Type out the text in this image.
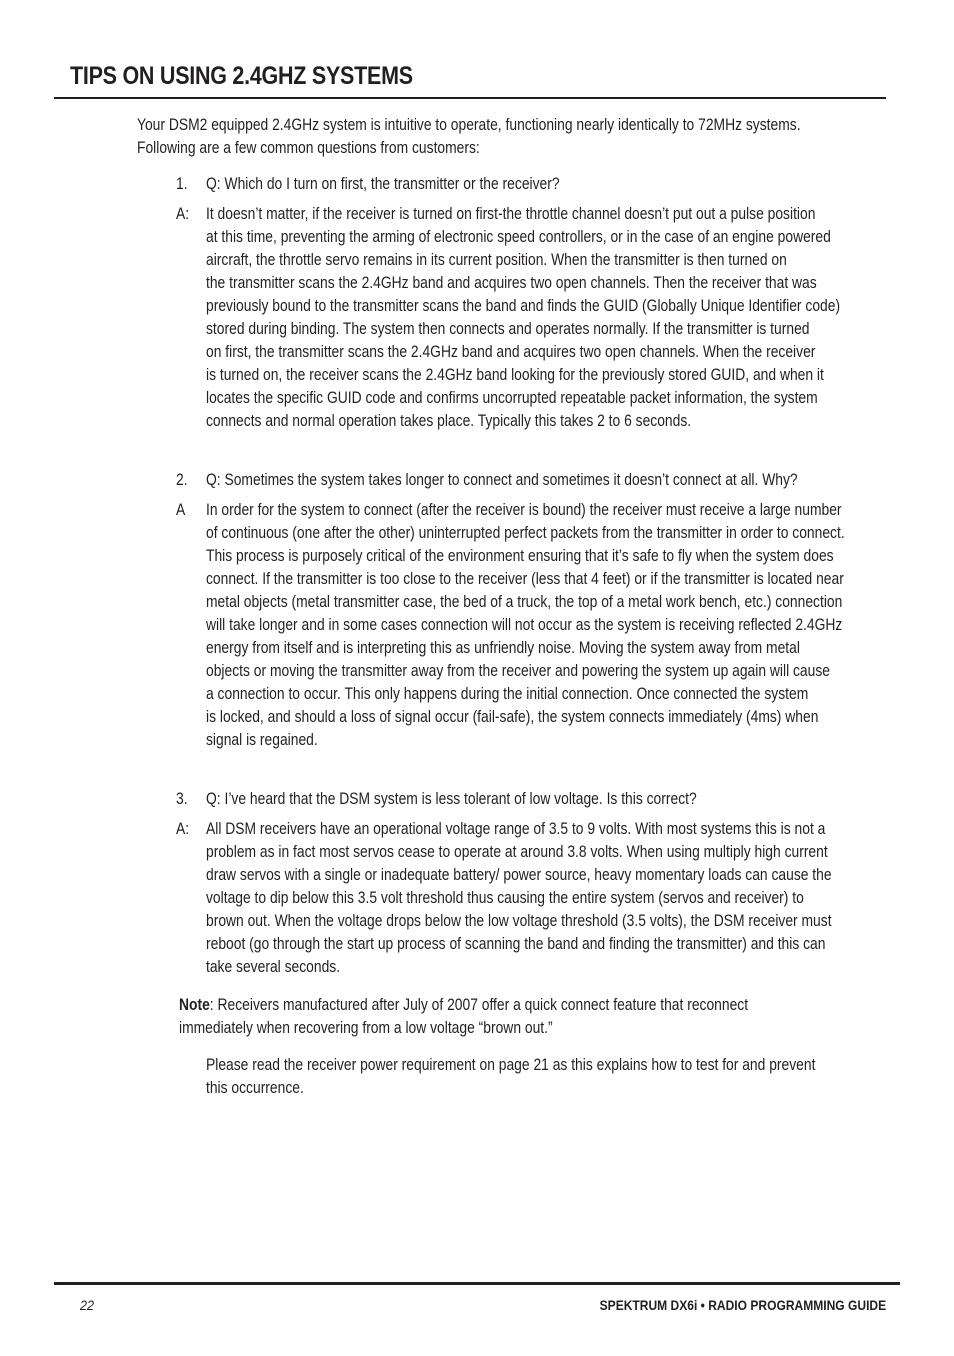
TIPS ON USING 2.4GHZ SYSTEMS

Your DSM2 equipped 2.4GHz system is intuitive to operate, functioning nearly identically to 72MHz systems.

Following are a few common questions from customers:

1. Q: Which do I turn on first, the transmitter or the receiver?

A: It doesn’t matter, if the receiver is turned on first-the throttle channel doesn’t put out a pulse position

at this time, preventing the arming of electronic speed controllers, or in the case of an engine powered

aircraft, the throttle servo remains in its current position. When the transmitter is then turned on

the transmitter scans the 2.4GHz band and acquires two open channels. Then the receiver that was

previously bound to the transmitter scans the band and finds the GUID (Globally Unique Identifier code)

stored during binding. The system then connects and operates normally. If the transmitter is turned

on first, the transmitter scans the 2.4GHz band and acquires two open channels. When the receiver

is turned on, the receiver scans the 2.4GHz band looking for the previously stored GUID, and when it

locates the specific GUID code and confirms uncorrupted repeatable packet information, the system

connects and normal operation takes place. Typically this takes 2 to 6 seconds.

2. Q: Sometimes the system takes longer to connect and sometimes it doesn’t connect at all. Why?

A In order for the system to connect (after the receiver is bound) the receiver must receive a large number

of continuous (one after the other) uninterrupted perfect packets from the transmitter in order to connect.

This process is purposely critical of the environment ensuring that it’s safe to fly when the system does

connect. If the transmitter is too close to the receiver (less that 4 feet) or if the transmitter is located near

metal objects (metal transmitter case, the bed of a truck, the top of a metal work bench, etc.) connection

will take longer and in some cases connection will not occur as the system is receiving reflected 2.4GHz

energy from itself and is interpreting this as unfriendly noise. Moving the system away from metal

objects or moving the transmitter away from the receiver and powering the system up again will cause

a connection to occur. This only happens during the initial connection. Once connected the system

is locked, and should a loss of signal occur (fail-safe), the system connects immediately (4ms) when

signal is regained.

3. Q: I’ve heard that the DSM system is less tolerant of low voltage. Is this correct?

A: All DSM receivers have an operational voltage range of 3.5 to 9 volts. With most systems this is not a

problem as in fact most servos cease to operate at around 3.8 volts. When using multiply high current

draw servos with a single or inadequate battery/ power source, heavy momentary loads can cause the

voltage to dip below this 3.5 volt threshold thus causing the entire system (servos and receiver) to

brown out. When the voltage drops below the low voltage threshold (3.5 volts), the DSM receiver must

reboot (go through the start up process of scanning the band and finding the transmitter) and this can

take several seconds.

Note: Receivers manufactured after July of 2007 offer a quick connect feature that reconnect

immediately when recovering from a low voltage “brown out.”

Please read the receiver power requirement on page 21 as this explains how to test for and prevent

this occurrence.

22	SPEKTRUM DX6i • RADIO PROGRAMMING GUIDE
